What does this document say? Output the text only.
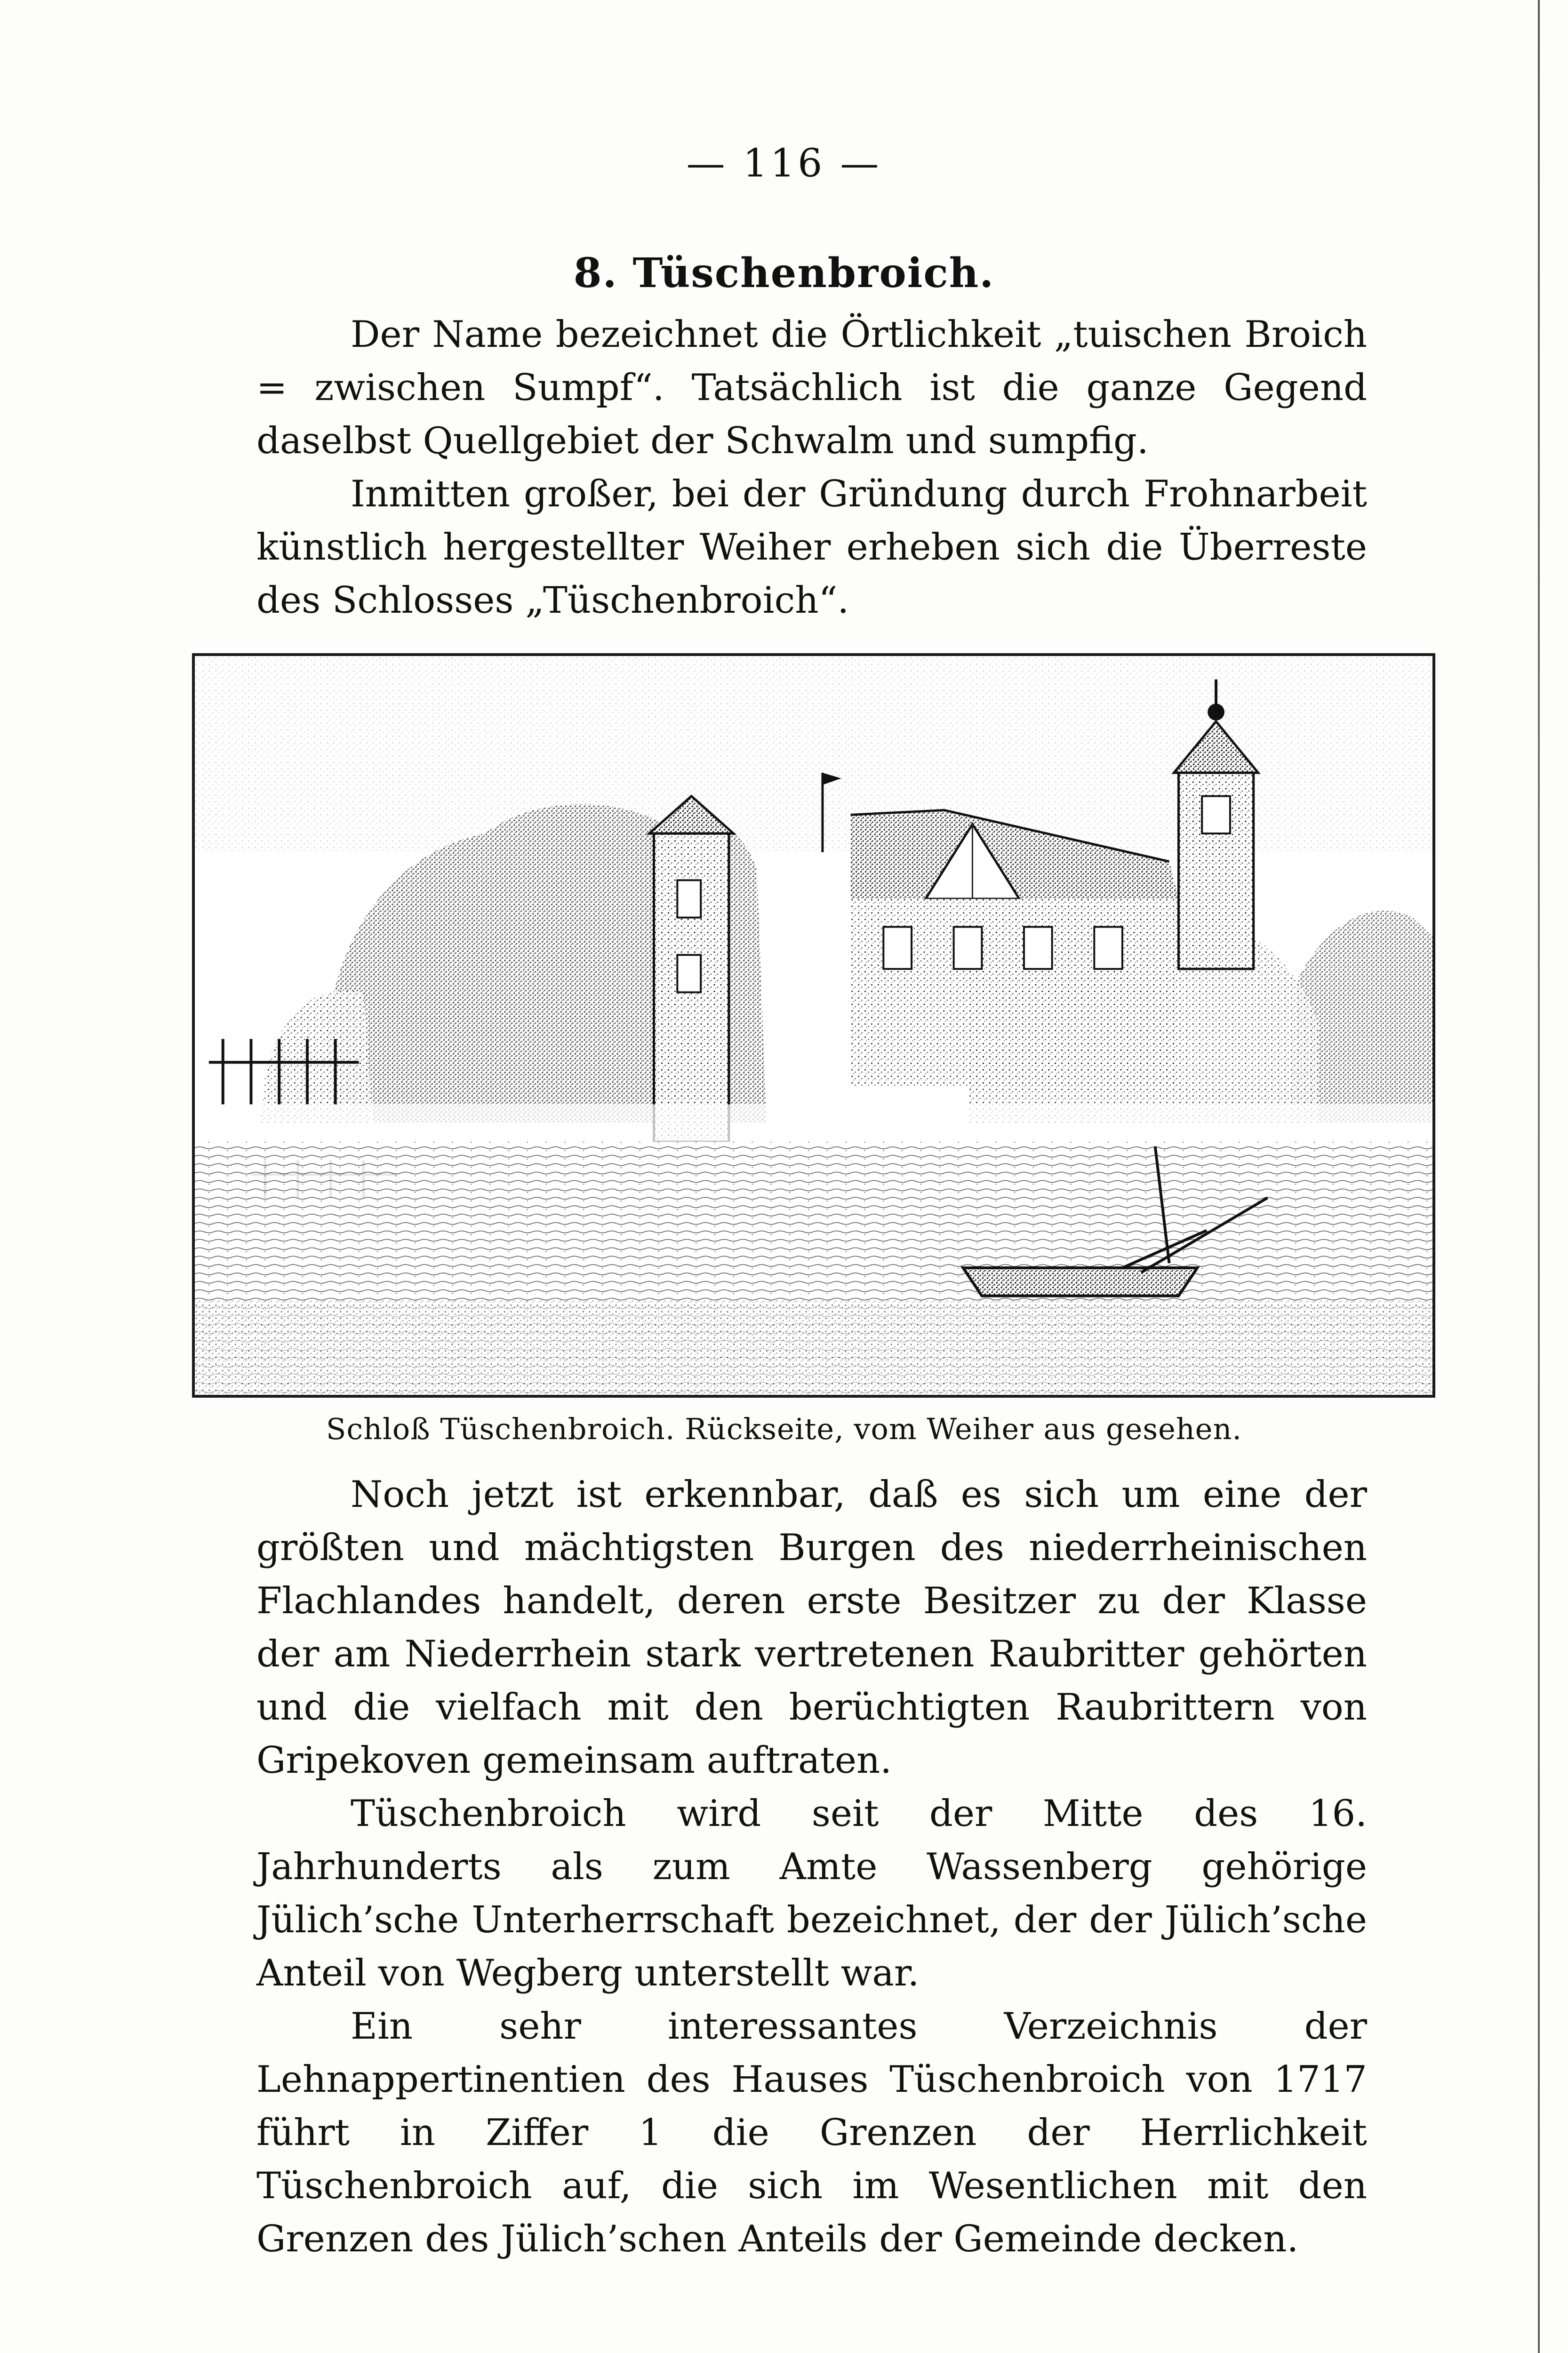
— 116 —
8. Tüschenbroich.

Der Name bezeichnet die Örtlichkeit „tuischen Broich = zwischen Sumpf“. Tatsächlich ist die ganze Gegend daselbst Quellgebiet der Schwalm und sumpfig.

Inmitten großer, bei der Gründung durch Frohnarbeit künstlich hergestellter Weiher erheben sich die Überreste des Schlosses „Tüschenbroich“.

Schloß Tüschenbroich. Rückseite, vom Weiher aus gesehen.

Noch jetzt ist erkennbar, daß es sich um eine der größten und mächtigsten Burgen des niederrheinischen Flachlandes handelt, deren erste Besitzer zu der Klasse der am Niederrhein stark vertretenen Raubritter gehörten und die vielfach mit den berüchtigten Raubrittern von Gripekoven gemeinsam auftraten.

Tüschenbroich wird seit der Mitte des 16. Jahrhunderts als zum Amte Wassenberg gehörige Jülich’sche Unterherrschaft bezeichnet, der der Jülich’sche Anteil von Wegberg unterstellt war.

Ein sehr interessantes Verzeichnis der Lehnappertinentien des Hauses Tüschenbroich von 1717 führt in Ziffer 1 die Grenzen der Herrlichkeit Tüschenbroich auf, die sich im Wesentlichen mit den Grenzen des Jülich’schen Anteils der Gemeinde decken.
